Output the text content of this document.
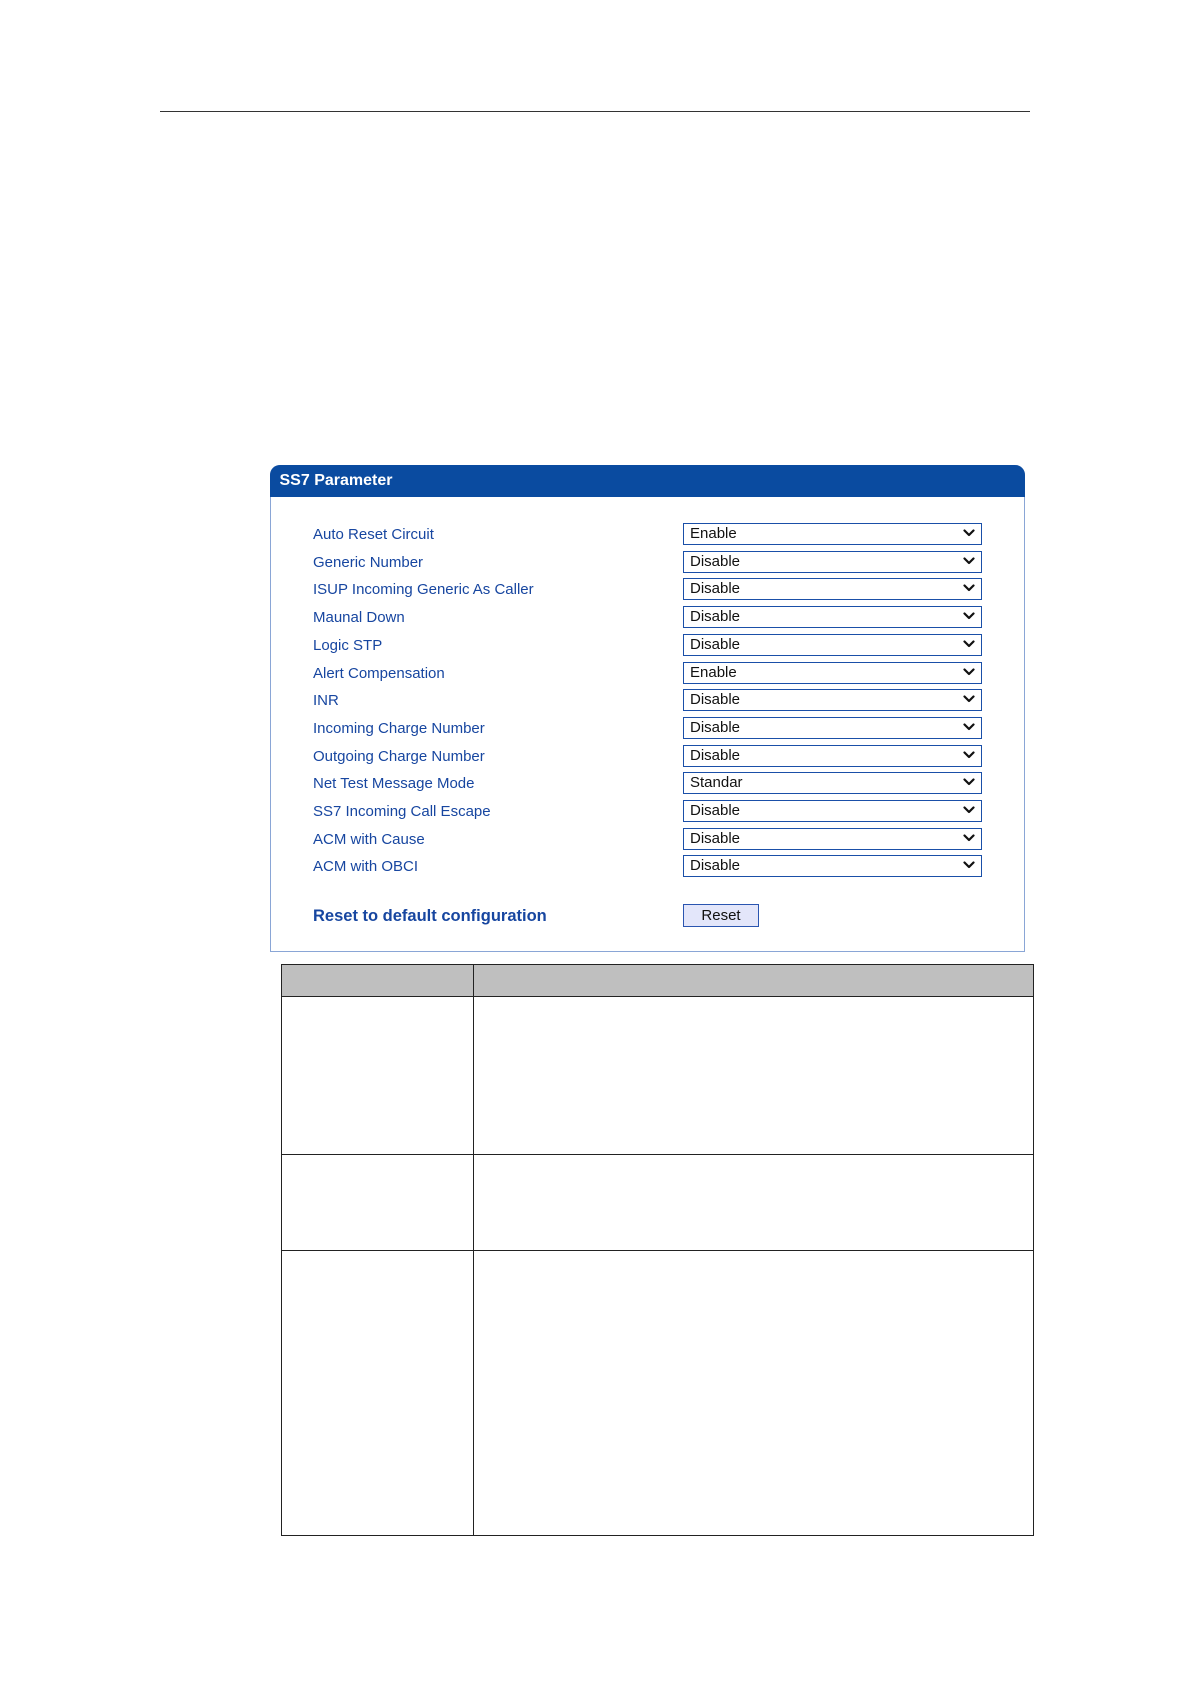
SS7 Parameter
Auto Reset Circuit	Enable
Generic Number	Disable
ISUP Incoming Generic As Caller	Disable
Maunal Down	Disable
Logic STP	Disable
Alert Compensation	Enable
INR	Disable
Incoming Charge Number	Disable
Outgoing Charge Number	Disable
Net Test Message Mode	Standar
SS7 Incoming Call Escape	Disable
ACM with Cause	Disable
ACM with OBCI	Disable
Reset to default configuration	Reset
